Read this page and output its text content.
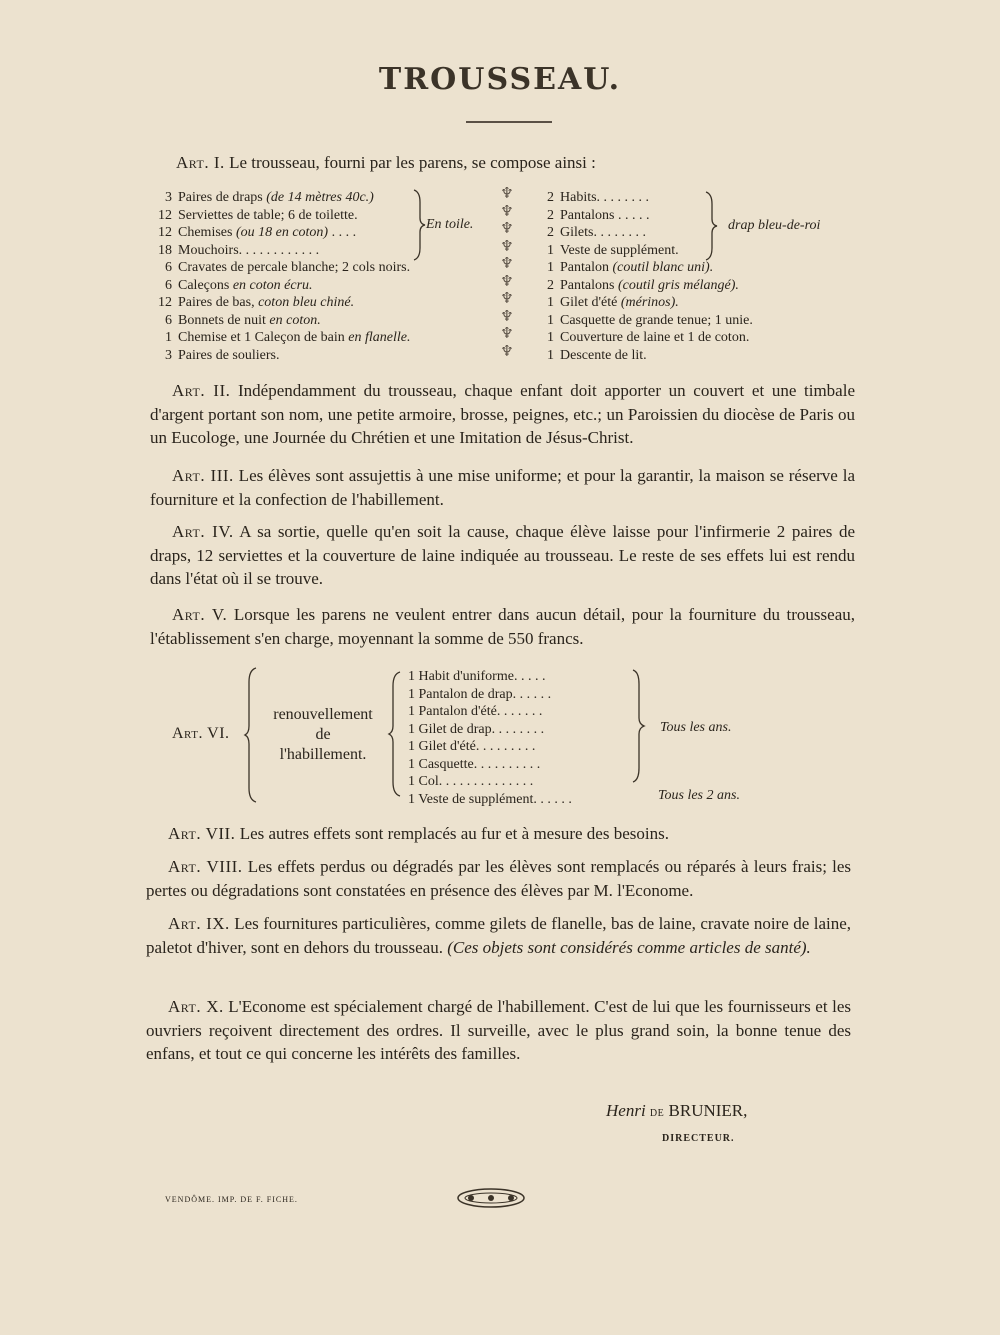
TROUSSEAU.
Art. I. Le trousseau, fourni par les parens, se compose ainsi :
3 Paires de draps (de 14 mètres 40c.)
12 Serviettes de table; 6 de toilette.
12 Chemises (ou 18 en coton) . . . .
18 Mouchoirs. . . . . . . . . . . .
6 Cravates de percale blanche; 2 cols noirs.
6 Caleçons en coton écru.
12 Paires de bas, coton bleu chiné.
6 Bonnets de nuit en coton.
1 Chemise et 1 Caleçon de bain en flanelle.
3 Paires de souliers.
En toile.
♆
♆
♆
♆
♆
♆
♆
♆
♆
♆
2 Habits. . . . . . . .
2 Pantalons . . . . .
2 Gilets. . . . . . . .
1 Veste de supplément.
1 Pantalon (coutil blanc uni).
2 Pantalons (coutil gris mélangé).
1 Gilet d'été (mérinos).
1 Casquette de grande tenue; 1 unie.
1 Couverture de laine et 1 de coton.
1 Descente de lit.
drap bleu-de-roi
Art. II. Indépendamment du trousseau, chaque enfant doit apporter un couvert et une timbale d'argent portant son nom, une petite armoire, brosse, peignes, etc.; un Paroissien du diocèse de Paris ou un Eucologe, une Journée du Chrétien et une Imitation de Jésus-Christ.
Art. III. Les élèves sont assujettis à une mise uniforme; et pour la garantir, la maison se réserve la fourniture et la confection de l'habillement.
Art. IV. A sa sortie, quelle qu'en soit la cause, chaque élève laisse pour l'infirmerie 2 paires de draps, 12 serviettes et la couverture de laine indiquée au trousseau. Le reste de ses effets lui est rendu dans l'état où il se trouve.
Art. V. Lorsque les parens ne veulent entrer dans aucun détail, pour la fourniture du trousseau, l'établissement s'en charge, moyennant la somme de 550 francs.
Art. VI.
renouvellement
de
l'habillement.
1 Habit d'uniforme. . . . .
1 Pantalon de drap. . . . . .
1 Pantalon d'été. . . . . . .
1 Gilet de drap. . . . . . . .
1 Gilet d'été. . . . . . . . .
1 Casquette. . . . . . . . . .
1 Col. . . . . . . . . . . . . .
1 Veste de supplément. . . . . .
Tous les ans.
Tous les 2 ans.
Art. VII. Les autres effets sont remplacés au fur et à mesure des besoins.
Art. VIII. Les effets perdus ou dégradés par les élèves sont remplacés ou réparés à leurs frais; les pertes ou dégradations sont constatées en présence des élèves par M. l'Econome.
Art. IX. Les fournitures particulières, comme gilets de flanelle, bas de laine, cravate noire de laine, paletot d'hiver, sont en dehors du trousseau. (Ces objets sont considérés comme articles de santé).
Art. X. L'Econome est spécialement chargé de l'habillement. C'est de lui que les fournisseurs et les ouvriers reçoivent directement des ordres. Il surveille, avec le plus grand soin, la bonne tenue des enfans, et tout ce qui concerne les intérêts des familles.
Henri de BRUNIER,
DIRECTEUR.
VENDÔME. IMP. DE F. FICHE.
